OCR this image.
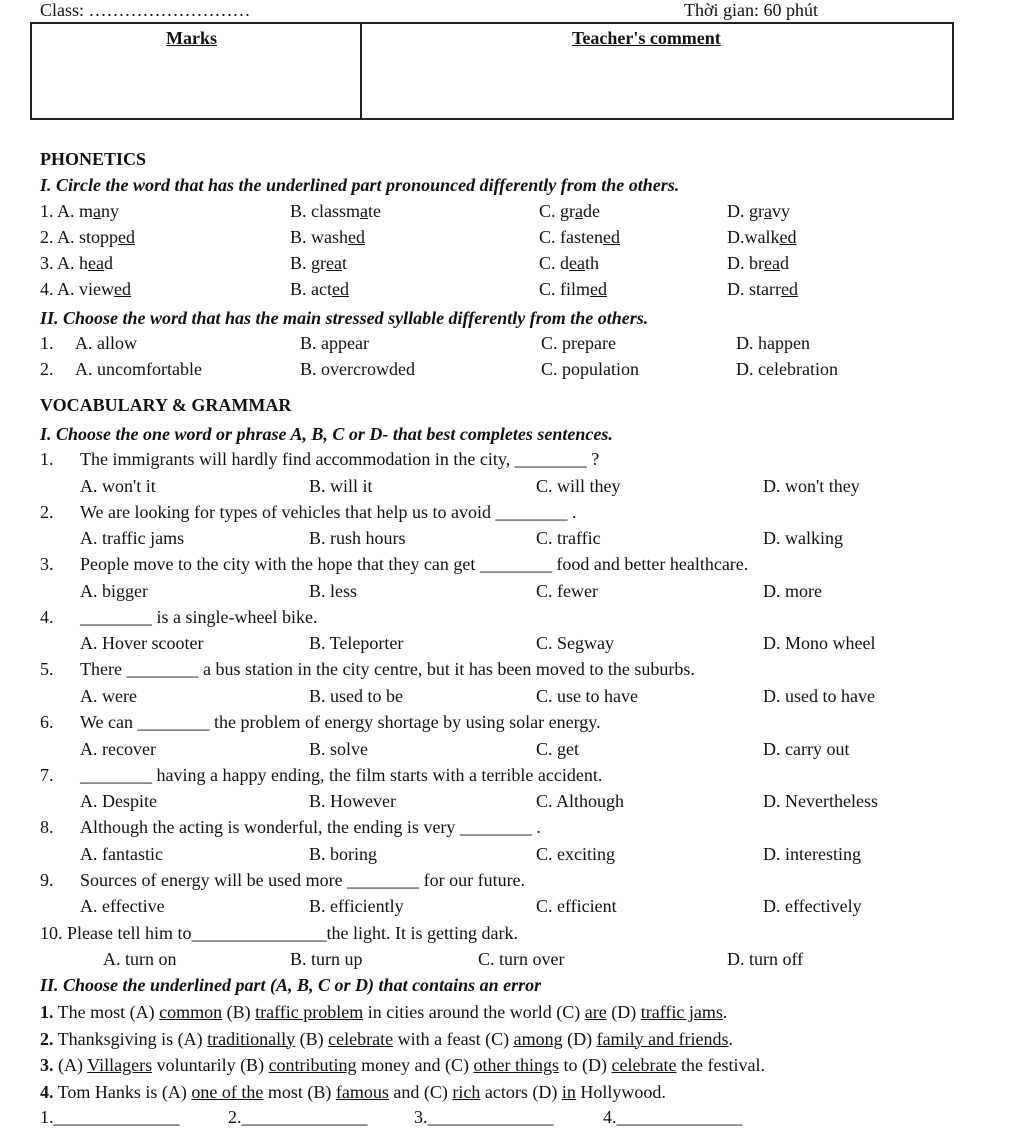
Class: ………………………	Thời gian: 60 phút
Marks	Teacher's comment
PHONETICS
I. Circle the word that has the underlined part pronounced differently from the others.
1. A. many	B. classmate	C. grade	D. gravy
2. A. stopped	B. washed	C. fastened	D.walked
3. A. head	B. great	C. death	D. bread
4. A. viewed	B. acted	C. filmed	D. starred
II. Choose the word that has the main stressed syllable differently from the others.
1. A. allow	B. appear	C. prepare	D. happen
2. A. uncomfortable	B. overcrowded	C. population	D. celebration
VOCABULARY & GRAMMAR
I. Choose the one word or phrase A, B, C or D- that best completes sentences.
1. The immigrants will hardly find accommodation in the city, ________ ?
A. won't it	B. will it	C. will they	D. won't they
2. We are looking for types of vehicles that help us to avoid ________ .
A. traffic jams	B. rush hours	C. traffic	D. walking
3. People move to the city with the hope that they can get ________ food and better healthcare.
A. bigger	B. less	C. fewer	D. more
4. ________ is a single-wheel bike.
A. Hover scooter	B. Teleporter	C. Segway	D. Mono wheel
5. There ________ a bus station in the city centre, but it has been moved to the suburbs.
A. were	B. used to be	C. use to have	D. used to have
6. We can ________ the problem of energy shortage by using solar energy.
A. recover	B. solve	C. get	D. carry out
7. ________ having a happy ending, the film starts with a terrible accident.
A. Despite	B. However	C. Although	D. Nevertheless
8. Although the acting is wonderful, the ending is very ________ .
A. fantastic	B. boring	C. exciting	D. interesting
9. Sources of energy will be used more ________ for our future.
A. effective	B. efficiently	C. efficient	D. effectively
10. Please tell him to_______________the light. It is getting dark.
A. turn on	B. turn up	C. turn over	D. turn off
II. Choose the underlined part (A, B, C or D) that contains an error
1. The most (A) common (B) traffic problem in cities around the world (C) are (D) traffic jams.
2. Thanksgiving is (A) traditionally (B) celebrate with a feast (C) among (D) family and friends.
3. (A) Villagers voluntarily (B) contributing money and (C) other things to (D) celebrate the festival.
4. Tom Hanks is (A) one of the most (B) famous and (C) rich actors (D) in Hollywood.
1.______________	2.______________	3.______________	4.______________
